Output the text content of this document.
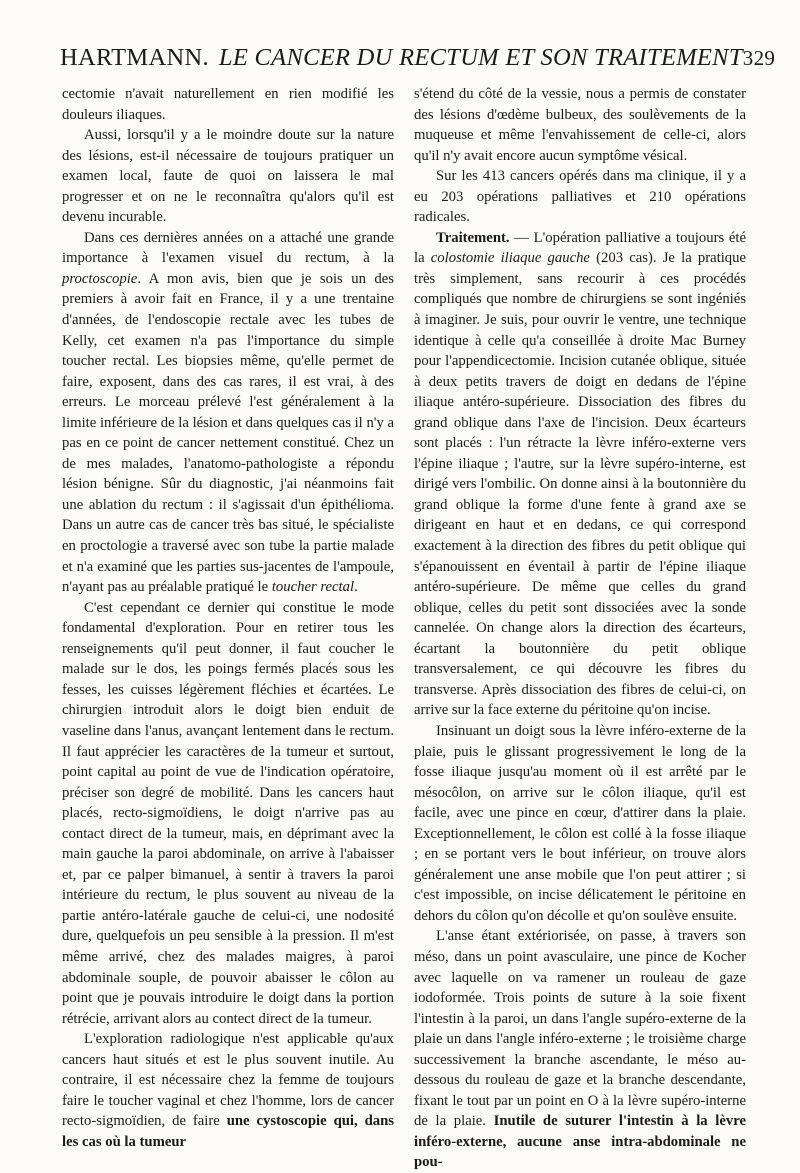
HARTMANN. LE CANCER DU RECTUM ET SON TRAITEMENT 329

cectomie n'avait naturellement en rien modifié les douleurs iliaques.

Aussi, lorsqu'il y a le moindre doute sur la nature des lésions, est-il nécessaire de toujours pratiquer un examen local, faute de quoi on laissera le mal progresser et on ne le reconnaîtra qu'alors qu'il est devenu incurable.

Dans ces dernières années on a attaché une grande importance à l'examen visuel du rectum, à la proctoscopie. A mon avis, bien que je sois un des premiers à avoir fait en France, il y a une trentaine d'années, de l'endoscopie rectale avec les tubes de Kelly, cet examen n'a pas l'importance du simple toucher rectal. Les biopsies même, qu'elle permet de faire, exposent, dans des cas rares, il est vrai, à des erreurs. Le morceau prélevé l'est généralement à la limite inférieure de la lésion et dans quelques cas il n'y a pas en ce point de cancer nettement constitué. Chez un de mes malades, l'anatomo-pathologiste a répondu lésion bénigne. Sûr du diagnostic, j'ai néanmoins fait une ablation du rectum : il s'agissait d'un épithélioma. Dans un autre cas de cancer très bas situé, le spécialiste en proctologie a traversé avec son tube la partie malade et n'a examiné que les parties sus-jacentes de l'ampoule, n'ayant pas au préalable pratiqué le toucher rectal.

C'est cependant ce dernier qui constitue le mode fondamental d'exploration. Pour en retirer tous les renseignements qu'il peut donner, il faut coucher le malade sur le dos, les poings fermés placés sous les fesses, les cuisses légèrement fléchies et écartées. Le chirurgien introduit alors le doigt bien enduit de vaseline dans l'anus, avançant lentement dans le rectum. Il faut apprécier les caractères de la tumeur et surtout, point capital au point de vue de l'indication opératoire, préciser son degré de mobilité. Dans les cancers haut placés, recto-sigmoïdiens, le doigt n'arrive pas au contact direct de la tumeur, mais, en déprimant avec la main gauche la paroi abdominale, on arrive à l'abaisser et, par ce palper bimanuel, à sentir à travers la paroi intérieure du rectum, le plus souvent au niveau de la partie antéro-latérale gauche de celui-ci, une nodosité dure, quelquefois un peu sensible à la pression. Il m'est même arrivé, chez des malades maigres, à paroi abdominale souple, de pouvoir abaisser le côlon au point que je pouvais introduire le doigt dans la portion rétrécie, arrivant alors au contect direct de la tumeur.

L'exploration radiologique n'est applicable qu'aux cancers haut situés et est le plus souvent inutile. Au contraire, il est nécessaire chez la femme de toujours faire le toucher vaginal et chez l'homme, lors de cancer recto-sigmoïdien, de faire une cystoscopie qui, dans les cas où la tumeur

s'étend du côté de la vessie, nous a permis de constater des lésions d'œdème bulbeux, des soulèvements de la muqueuse et même l'envahissement de celle-ci, alors qu'il n'y avait encore aucun symptôme vésical.

Sur les 413 cancers opérés dans ma clinique, il y a eu 203 opérations palliatives et 210 opérations radicales.

Traitement. — L'opération palliative a toujours été la colostomie iliaque gauche (203 cas). Je la pratique très simplement, sans recourir à ces procédés compliqués que nombre de chirurgiens se sont ingéniés à imaginer. Je suis, pour ouvrir le ventre, une technique identique à celle qu'a conseillée à droite Mac Burney pour l'appendicectomie. Incision cutanée oblique, située à deux petits travers de doigt en dedans de l'épine iliaque antéro-supérieure. Dissociation des fibres du grand oblique dans l'axe de l'incision. Deux écarteurs sont placés : l'un rétracte la lèvre inféro-externe vers l'épine iliaque ; l'autre, sur la lèvre supéro-interne, est dirigé vers l'ombilic. On donne ainsi à la boutonnière du grand oblique la forme d'une fente à grand axe se dirigeant en haut et en dedans, ce qui correspond exactement à la direction des fibres du petit oblique qui s'épanouissent en éventail à partir de l'épine iliaque antéro-supérieure. De même que celles du grand oblique, celles du petit sont dissociées avec la sonde cannelée. On change alors la direction des écarteurs, écartant la boutonnière du petit oblique transversalement, ce qui découvre les fibres du transverse. Après dissociation des fibres de celui-ci, on arrive sur la face externe du péritoine qu'on incise.

Insinuant un doigt sous la lèvre inféro-externe de la plaie, puis le glissant progressivement le long de la fosse iliaque jusqu'au moment où il est arrêté par le mésocôlon, on arrive sur le côlon iliaque, qu'il est facile, avec une pince en cœur, d'attirer dans la plaie. Exceptionnellement, le côlon est collé à la fosse iliaque ; en se portant vers le bout inférieur, on trouve alors généralement une anse mobile que l'on peut attirer ; si c'est impossible, on incise délicatement le péritoine en dehors du côlon qu'on décolle et qu'on soulève ensuite.

L'anse étant extériorisée, on passe, à travers son méso, dans un point avasculaire, une pince de Kocher avec laquelle on va ramener un rouleau de gaze iodoformée. Trois points de suture à la soie fixent l'intestin à la paroi, un dans l'angle supéro-externe de la plaie un dans l'angle inféro-externe ; le troisième charge successivement la branche ascendante, le méso au-dessous du rouleau de gaze et la branche descendante, fixant le tout par un point en O à la lèvre supéro-interne de la plaie. Inutile de suturer l'intestin à la lèvre inféro-externe, aucune anse intra-abdominale ne pou-
